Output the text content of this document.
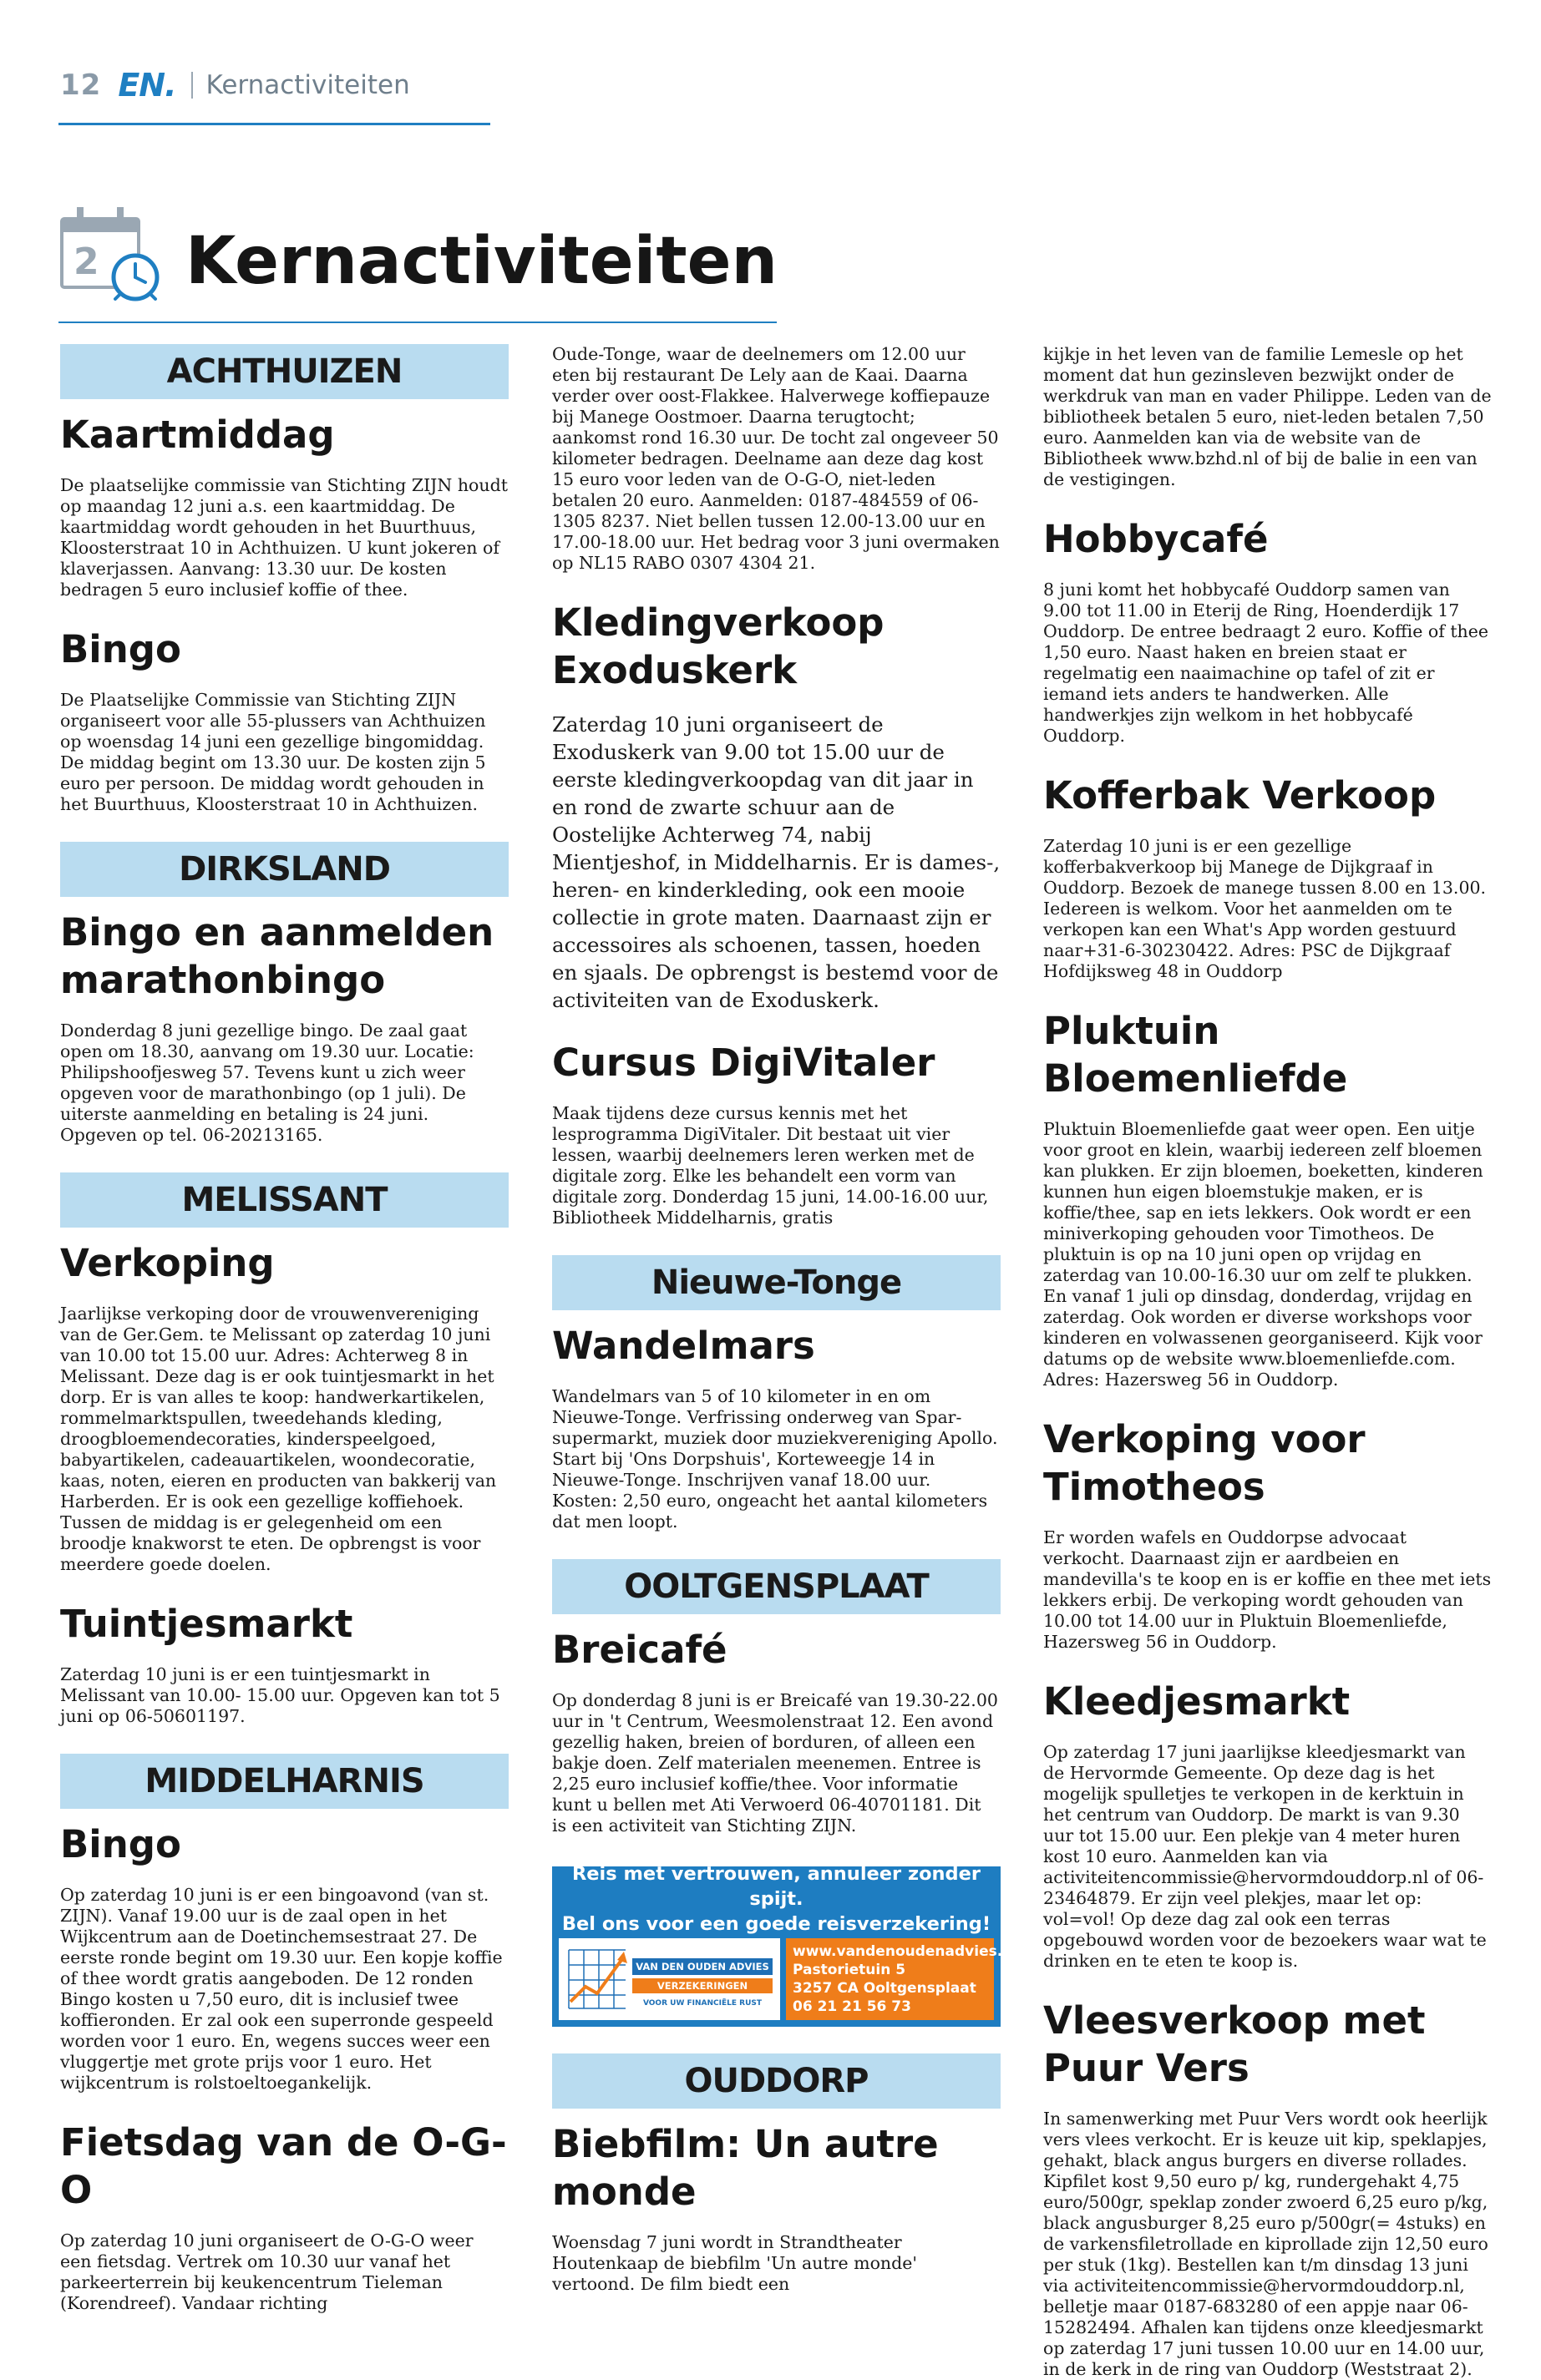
12 EN. Kernactiviteiten
2 Kernactiviteiten
ACHTHUIZEN
Kaartmiddag

De plaatselijke commissie van Stichting ZIJN houdt op maandag 12 juni a.s. een kaartmiddag. De kaartmiddag wordt gehouden in het Buurthuus, Kloosterstraat 10 in Achthuizen. U kunt jokeren of klaverjassen. Aanvang: 13.30 uur. De kosten bedragen 5 euro inclusief koffie of thee.

Bingo

De Plaatselijke Commissie van Stichting ZIJN organiseert voor alle 55-plussers van Achthuizen op woensdag 14 juni een gezellige bingomiddag. De middag begint om 13.30 uur. De kosten zijn 5 euro per persoon. De middag wordt gehouden in het Buurthuus, Kloosterstraat 10 in Achthuizen.

DIRKSLAND
Bingo en aanmelden marathonbingo

Donderdag 8 juni gezellige bingo. De zaal gaat open om 18.30, aanvang om 19.30 uur. Locatie: Philipshoofjesweg 57. Tevens kunt u zich weer opgeven voor de marathonbingo (op 1 juli). De uiterste aanmelding en betaling is 24 juni. Opgeven op tel. 06-20213165.

MELISSANT
Verkoping

Jaarlijkse verkoping door de vrouwenvereniging van de Ger.Gem. te Melissant op zaterdag 10 juni van 10.00 tot 15.00 uur. Adres: Achterweg 8 in Melissant. Deze dag is er ook tuintjesmarkt in het dorp. Er is van alles te koop: handwerkartikelen, rommelmarktspullen, tweedehands kleding, droogbloemendecoraties, kinderspeelgoed, babyartikelen, cadeauartikelen, woondecoratie, kaas, noten, eieren en producten van bakkerij van Harberden. Er is ook een gezellige koffiehoek. Tussen de middag is er gelegenheid om een broodje knakworst te eten. De opbrengst is voor meerdere goede doelen.

Tuintjesmarkt

Zaterdag 10 juni is er een tuintjesmarkt in Melissant van 10.00- 15.00 uur. Opgeven kan tot 5 juni op 06-50601197.

MIDDELHARNIS
Bingo

Op zaterdag 10 juni is er een bingoavond (van st. ZIJN). Vanaf 19.00 uur is de zaal open in het Wijkcentrum aan de Doetinchemsestraat 27. De eerste ronde begint om 19.30 uur. Een kopje koffie of thee wordt gratis aangeboden. De 12 ronden Bingo kosten u 7,50 euro, dit is inclusief twee koffieronden. Er zal ook een superronde gespeeld worden voor 1 euro. En, wegens succes weer een vluggertje met grote prijs voor 1 euro. Het wijkcentrum is rolstoeltoegankelijk.

Fietsdag van de O-G-O

Op zaterdag 10 juni organiseert de O-G-O weer een fietsdag. Vertrek om 10.30 uur vanaf het parkeerterrein bij keukencentrum Tieleman (Korendreef). Vandaar richting

Oude-Tonge, waar de deelnemers om 12.00 uur eten bij restaurant De Lely aan de Kaai. Daarna verder over oost-Flakkee. Halverwege koffiepauze bij Manege Oostmoer. Daarna terugtocht; aankomst rond 16.30 uur. De tocht zal ongeveer 50 kilometer bedragen. Deelname aan deze dag kost 15 euro voor leden van de O-G-O, niet-leden betalen 20 euro. Aanmelden: 0187-484559 of 06-1305 8237. Niet bellen tussen 12.00-13.00 uur en 17.00-18.00 uur. Het bedrag voor 3 juni overmaken op NL15 RABO 0307 4304 21.

Kledingverkoop Exoduskerk

Zaterdag 10 juni organiseert de Exoduskerk van 9.00 tot 15.00 uur de eerste kledingverkoopdag van dit jaar in en rond de zwarte schuur aan de Oostelijke Achterweg 74, nabij Mientjeshof, in Middelharnis. Er is dames-, heren- en kinderkleding, ook een mooie collectie in grote maten. Daarnaast zijn er accessoires als schoenen, tassen, hoeden en sjaals. De opbrengst is bestemd voor de activiteiten van de Exoduskerk.

Cursus DigiVitaler

Maak tijdens deze cursus kennis met het lesprogramma DigiVitaler. Dit bestaat uit vier lessen, waarbij deelnemers leren werken met de digitale zorg. Elke les behandelt een vorm van digitale zorg. Donderdag 15 juni, 14.00-16.00 uur, Bibliotheek Middelharnis, gratis

Nieuwe-Tonge
Wandelmars

Wandelmars van 5 of 10 kilometer in en om Nieuwe-Tonge. Verfrissing onderweg van Spar-supermarkt, muziek door muziekvereniging Apollo. Start bij 'Ons Dorpshuis', Korteweegje 14 in Nieuwe-Tonge. Inschrijven vanaf 18.00 uur. Kosten: 2,50 euro, ongeacht het aantal kilometers dat men loopt.

OOLTGENSPLAAT
Breicafé

Op donderdag 8 juni is er Breicafé van 19.30-22.00 uur in 't Centrum, Weesmolenstraat 12. Een avond gezellig haken, breien of borduren, of alleen een bakje doen. Zelf materialen meenemen. Entree is 2,25 euro inclusief koffie/thee. Voor informatie kunt u bellen met Ati Verwoerd 06-40701181. Dit is een activiteit van Stichting ZIJN.

Reis met vertrouwen, annuleer zonder spijt.
Bel ons voor een goede reisverzekering!
VAN DEN OUDEN ADVIES
VERZEKERINGEN
VOOR UW FINANCIËLE RUST
www.vandenoudenadvies.nl
Pastorietuin 5
3257 CA Ooltgensplaat
06 21 21 56 73
OUDDORP
Biebfilm: Un autre monde

Woensdag 7 juni wordt in Strandtheater Houtenkaap de biebfilm 'Un autre monde' vertoond. De film biedt een

kijkje in het leven van de familie Lemesle op het moment dat hun gezinsleven bezwijkt onder de werkdruk van man en vader Philippe. Leden van de bibliotheek betalen 5 euro, niet-leden betalen 7,50 euro. Aanmelden kan via de website van de Bibliotheek www.bzhd.nl of bij de balie in een van de vestigingen.

Hobbycafé

8 juni komt het hobbycafé Ouddorp samen van 9.00 tot 11.00 in Eterij de Ring, Hoenderdijk 17 Ouddorp. De entree bedraagt 2 euro. Koffie of thee 1,50 euro. Naast haken en breien staat er regelmatig een naaimachine op tafel of zit er iemand iets anders te handwerken. Alle handwerkjes zijn welkom in het hobbycafé Ouddorp.

Kofferbak Verkoop

Zaterdag 10 juni is er een gezellige kofferbakverkoop bij Manege de Dijkgraaf in Ouddorp. Bezoek de manege tussen 8.00 en 13.00. Iedereen is welkom. Voor het aanmelden om te verkopen kan een What's App worden gestuurd naar+31-6-30230422. Adres: PSC de Dijkgraaf Hofdijksweg 48 in Ouddorp

Pluktuin Bloemenliefde

Pluktuin Bloemenliefde gaat weer open. Een uitje voor groot en klein, waarbij iedereen zelf bloemen kan plukken. Er zijn bloemen, boeketten, kinderen kunnen hun eigen bloemstukje maken, er is koffie/thee, sap en iets lekkers. Ook wordt er een miniverkoping gehouden voor Timotheos. De pluktuin is op na 10 juni open op vrijdag en zaterdag van 10.00-16.30 uur om zelf te plukken. En vanaf 1 juli op dinsdag, donderdag, vrijdag en zaterdag. Ook worden er diverse workshops voor kinderen en volwassenen georganiseerd. Kijk voor datums op de website www.bloemenliefde.com. Adres: Hazersweg 56 in Ouddorp.

Verkoping voor Timotheos

Er worden wafels en Ouddorpse advocaat verkocht. Daarnaast zijn er aardbeien en mandevilla's te koop en is er koffie en thee met iets lekkers erbij. De verkoping wordt gehouden van 10.00 tot 14.00 uur in Pluktuin Bloemenliefde, Hazersweg 56 in Ouddorp.

Kleedjesmarkt

Op zaterdag 17 juni jaarlijkse kleedjesmarkt van de Hervormde Gemeente. Op deze dag is het mogelijk spulletjes te verkopen in de kerktuin in het centrum van Ouddorp. De markt is van 9.30 uur tot 15.00 uur. Een plekje van 4 meter huren kost 10 euro. Aanmelden kan via activiteitencommissie@hervormdouddorp.nl of 06-23464879. Er zijn veel plekjes, maar let op: vol=vol! Op deze dag zal ook een terras opgebouwd worden voor de bezoekers waar wat te drinken en te eten te koop is.

Vleesverkoop met Puur Vers

In samenwerking met Puur Vers wordt ook heerlijk vers vlees verkocht. Er is keuze uit kip, speklapjes, gehakt, black angus burgers en diverse rollades. Kipfilet kost 9,50 euro p/ kg, rundergehakt 4,75 euro/500gr, speklap zonder zwoerd 6,25 euro p/kg, black angusburger 8,25 euro p/500gr(= 4stuks) en de varkensfiletrollade en kiprollade zijn 12,50 euro per stuk (1kg). Bestellen kan t/m dinsdag 13 juni via activiteitencommissie@hervormdouddorp.nl, belletje maar 0187-683280 of een appje naar 06-15282494. Afhalen kan tijdens onze kleedjesmarkt op zaterdag 17 juni tussen 10.00 uur en 14.00 uur, in de kerk in de ring van Ouddorp (Weststraat 2).
